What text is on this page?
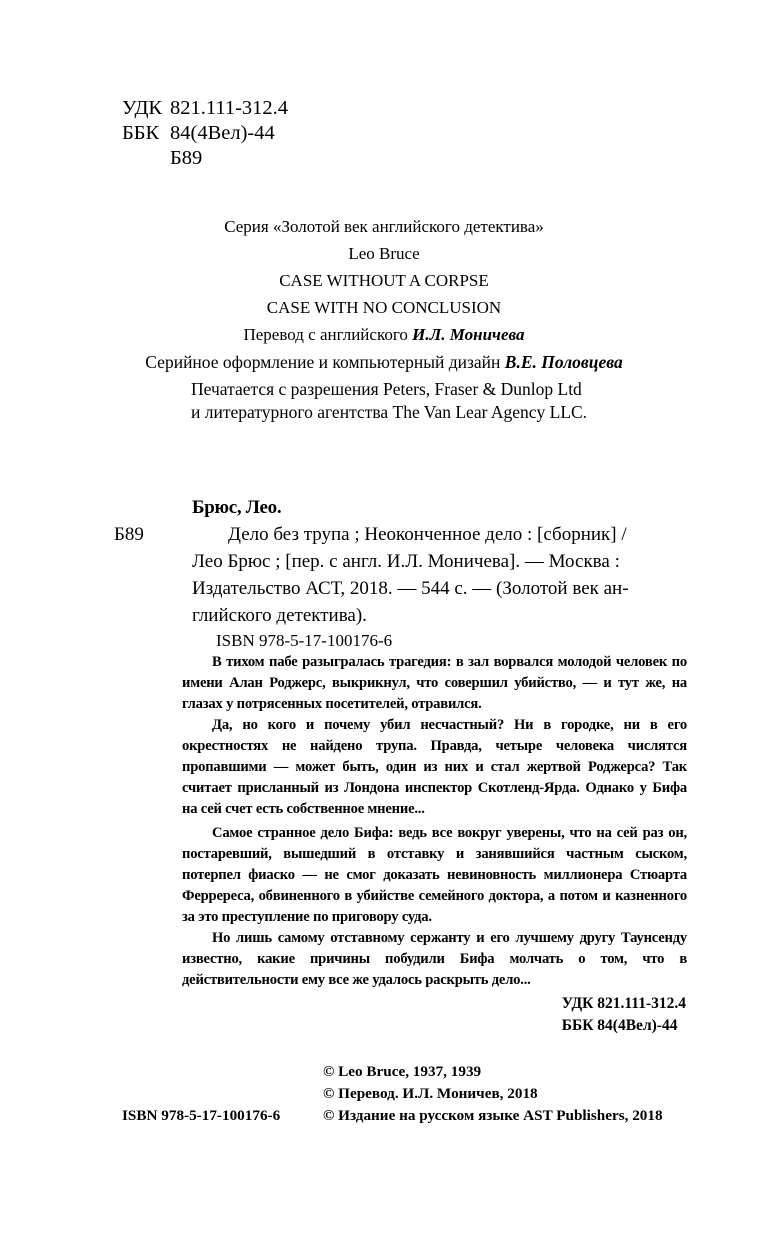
УДК 821.111-312.4
ББК 84(4Вел)-44
Б89
Серия «Золотой век английского детектива»
Leo Bruce
CASE WITHOUT A CORPSE
CASE WITH NO CONCLUSION
Перевод с английского И.Л. Моничева
Серийное оформление и компьютерный дизайн В.Е. Половцева
Печатается с разрешения Peters, Fraser & Dunlop Ltd
и литературного агентства The Van Lear Agency LLC.
Брюс, Лео.
Б89	Дело без трупа ; Неоконченное дело : [сборник] /

Лео Брюс ; [пер. с англ. И.Л. Моничева]. — Москва :

Издательство АСТ, 2018. — 544 с. — (Золотой век ан-

глийского детектива).

ISBN 978-5-17-100176-6

В тихом пабе разыгралась трагедия: в зал ворвался молодой человек по имени Алан Роджерс, выкрикнул, что совершил убийство, — и тут же, на глазах у потрясенных посетителей, отравился.

Да, но кого и почему убил несчастный? Ни в городке, ни в его окрестностях не найдено трупа. Правда, четыре человека числятся пропавшими — может быть, один из них и стал жертвой Роджерса? Так считает присланный из Лондона инспектор Скотленд-Ярда. Однако у Бифа на сей счет есть собственное мнение...

Самое странное дело Бифа: ведь все вокруг уверены, что на сей раз он, постаревший, вышедший в отставку и занявшийся частным сыском, потерпел фиаско — не смог доказать невиновность миллионера Стюарта Ферререса, обвиненного в убийстве семейного доктора, а потом и казненного за это преступление по приговору суда.

Но лишь самому отставному сержанту и его лучшему другу Таунсенду известно, какие причины побудили Бифа молчать о том, что в действительности ему все же удалось раскрыть дело...

УДК 821.111-312.4
ББК 84(4Вел)-44
© Leo Bruce, 1937, 1939
© Перевод. И.Л. Моничев, 2018
© Издание на русском языке AST Publishers, 2018
ISBN 978-5-17-100176-6
